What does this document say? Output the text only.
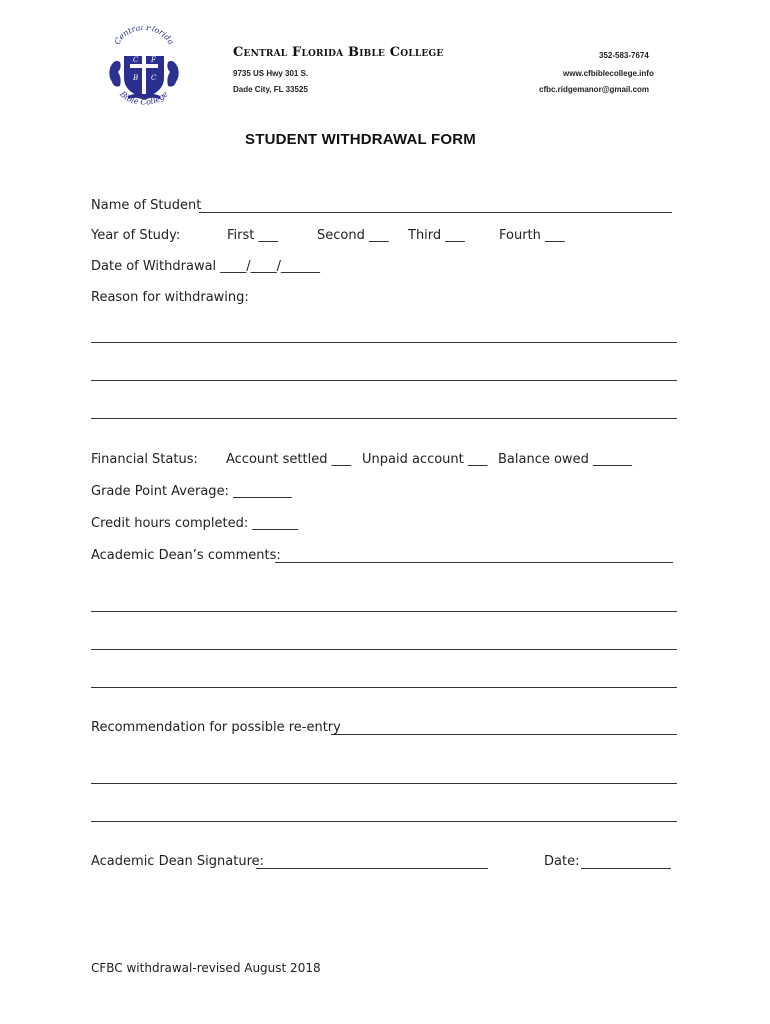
Central Florida
C F
B C
Bible College
Central Florida Bible College
9735 US Hwy 301 S.
Dade City, FL 33525
352-583-7674
www.cfbiblecollege.info
cfbc.ridgemanor@gmail.com
STUDENT WITHDRAWAL FORM
Name of Student
Year of Study:	First ___	Second ___ Third ___	Fourth ___
Date of Withdrawal ____/____/______
Reason for withdrawing:
Financial Status: Account settled ___ Unpaid account ___ Balance owed ______
Grade Point Average: _________
Credit hours completed: _______
Academic Dean’s comments:
Recommendation for possible re-entry
Academic Dean Signature:	Date:
CFBC withdrawal-revised August 2018
